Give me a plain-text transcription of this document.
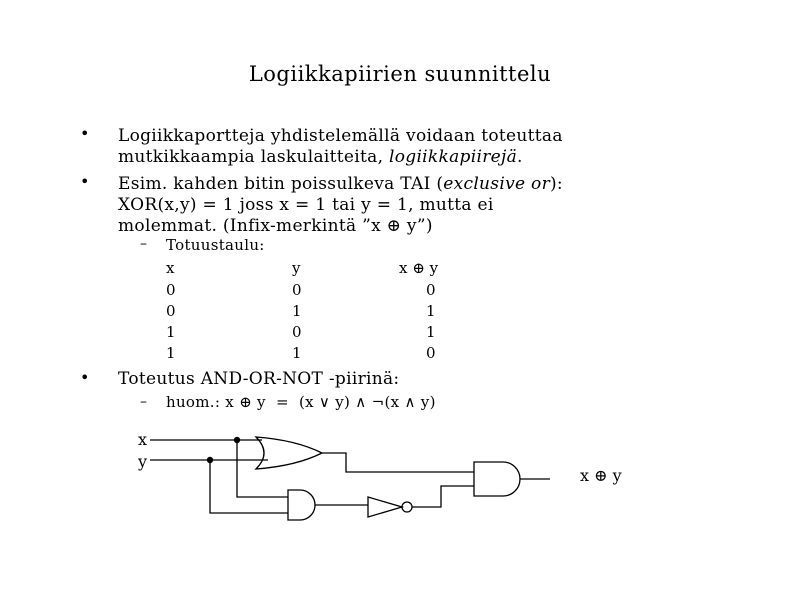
Logiikkapiirien suunnittelu
• Logiikkaportteja yhdistelemällä voidaan toteuttaa
mutkikkaampia laskulaitteita, logiikkapiirejä.
• Esim. kahden bitin poissulkeva TAI (exclusive or):
XOR(x,y) = 1 joss x = 1 tai y = 1, mutta ei
molemmat. (Infix-merkintä ”x ⊕ y”)
– Totuustaulu:
x	y	x ⊕ y
0	0	0
0	1	1
1	0	1
1	1	0
• Toteutus AND-OR-NOT -piirinä:
– huom.: x ⊕ y  =  (x ∨ y) ∧ ¬(x ∧ y)
x
y
x ⊕ y
